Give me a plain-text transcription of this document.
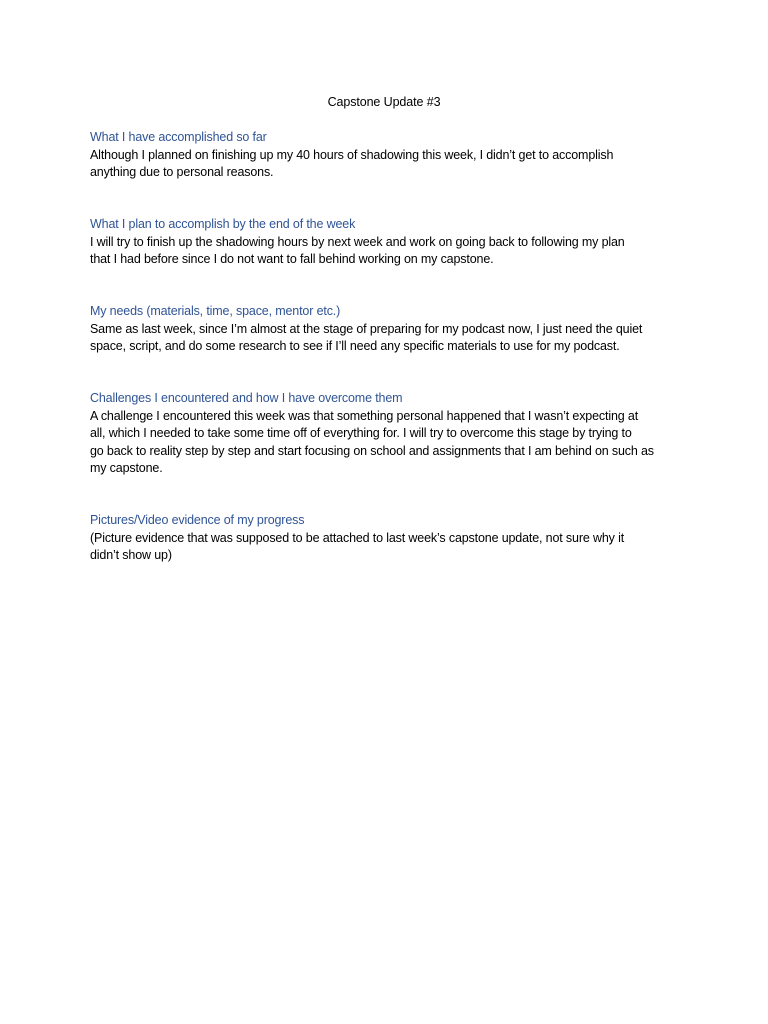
Capstone Update #3
What I have accomplished so far
Although I planned on finishing up my 40 hours of shadowing this week, I didn’t get to accomplish
anything due to personal reasons.
What I plan to accomplish by the end of the week
I will try to finish up the shadowing hours by next week and work on going back to following my plan
that I had before since I do not want to fall behind working on my capstone.
My needs (materials, time, space, mentor etc.)
Same as last week, since I’m almost at the stage of preparing for my podcast now, I just need the quiet
space, script, and do some research to see if I’ll need any specific materials to use for my podcast.
Challenges I encountered and how I have overcome them
A challenge I encountered this week was that something personal happened that I wasn’t expecting at
all, which I needed to take some time off of everything for. I will try to overcome this stage by trying to
go back to reality step by step and start focusing on school and assignments that I am behind on such as
my capstone.
Pictures/Video evidence of my progress
(Picture evidence that was supposed to be attached to last week’s capstone update, not sure why it
didn’t show up)
